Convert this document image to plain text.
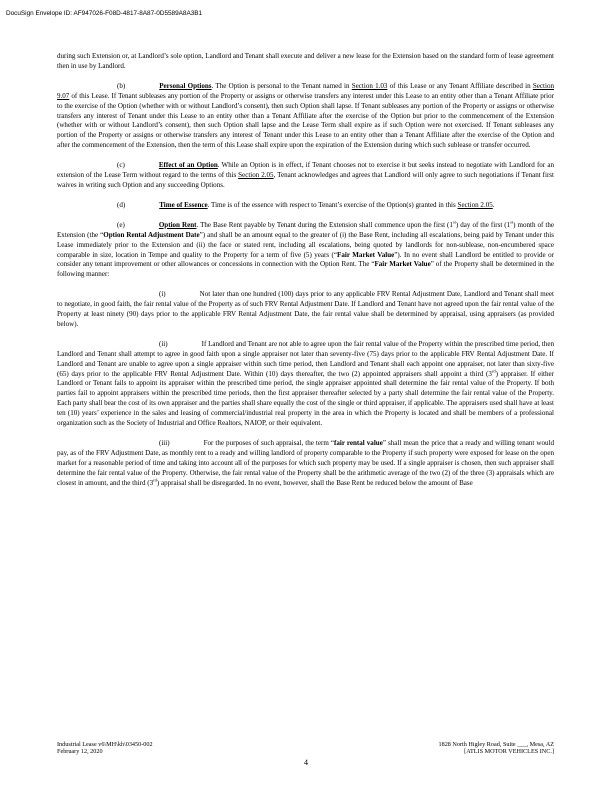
DocuSign Envelope ID: AF947026-F08D-4817-8A87-0D5589A8A3B1

during such Extension or, at Landlord’s sole option, Landlord and Tenant shall execute and deliver a new lease for the Extension based on the standard form of lease agreement then in use by Landlord.

(b)	Personal Options. The Option is personal to the Tenant named in Section 1.03 of this Lease or any Tenant Affiliate described in Section 9.07 of this Lease. If Tenant subleases any portion of the Property or assigns or otherwise transfers any interest under this Lease to an entity other than a Tenant Affiliate prior to the exercise of the Option (whether with or without Landlord’s consent), then such Option shall lapse. If Tenant subleases any portion of the Property or assigns or otherwise transfers any interest of Tenant under this Lease to an entity other than a Tenant Affiliate after the exercise of the Option but prior to the commencement of the Extension (whether with or without Landlord’s consent), then such Option shall lapse and the Lease Term shall expire as if such Option were not exercised. If Tenant subleases any portion of the Property or assigns or otherwise transfers any interest of Tenant under this Lease to an entity other than a Tenant Affiliate after the exercise of the Option and after the commencement of the Extension, then the term of this Lease shall expire upon the expiration of the Extension during which such sublease or transfer occurred.

(c)	Effect of an Option. While an Option is in effect, if Tenant chooses not to exercise it but seeks instead to negotiate with Landlord for an extension of the Lease Term without regard to the terms of this Section 2.05, Tenant acknowledges and agrees that Landlord will only agree to such negotiations if Tenant first waives in writing such Option and any succeeding Options.

(d)	Time of Essence. Time is of the essence with respect to Tenant’s exercise of the Option(s) granted in this Section 2.05.

(e)	Option Rent. The Base Rent payable by Tenant during the Extension shall commence upon the first (1st) day of the first (1st) month of the Extension (the “Option Rental Adjustment Date”) and shall be an amount equal to the greater of (i) the Base Rent, including all escalations, being paid by Tenant under this Lease immediately prior to the Extension and (ii) the face or stated rent, including all escalations, being quoted by landlords for non-sublease, non-encumbered space comparable in size, location in Tempe and quality to the Property for a term of five (5) years (“Fair Market Value”). In no event shall Landlord be entitled to provide or consider any tenant improvement or other allowances or concessions in connection with the Option Rent. The “Fair Market Value” of the Property shall be determined in the following manner:

(i)	Not later than one hundred (100) days prior to any applicable FRV Rental Adjustment Date, Landlord and Tenant shall meet to negotiate, in good faith, the fair rental value of the Property as of such FRV Rental Adjustment Date. If Landlord and Tenant have not agreed upon the fair rental value of the Property at least ninety (90) days prior to the applicable FRV Rental Adjustment Date, the fair rental value shall be determined by appraisal, using appraisers (as provided below).

(ii)	If Landlord and Tenant are not able to agree upon the fair rental value of the Property within the prescribed time period, then Landlord and Tenant shall attempt to agree in good faith upon a single appraiser not later than seventy-five (75) days prior to the applicable FRV Rental Adjustment Date. If Landlord and Tenant are unable to agree upon a single appraiser within such time period, then Landlord and Tenant shall each appoint one appraiser, not later than sixty-five (65) days prior to the applicable FRV Rental Adjustment Date. Within (10) days thereafter, the two (2) appointed appraisers shall appoint a third (3rd) appraiser. If either Landlord or Tenant fails to appoint its appraiser within the prescribed time period, the single appraiser appointed shall determine the fair rental value of the Property. If both parties fail to appoint appraisers within the prescribed time periods, then the first appraiser thereafter selected by a party shall determine the fair rental value of the Property. Each party shall bear the cost of its own appraiser and the parties shall share equally the cost of the single or third appraiser, if applicable. The appraisers used shall have at least ten (10) years’ experience in the sales and leasing of commercial/industrial real property in the area in which the Property is located and shall be members of a professional organization such as the Society of Industrial and Office Realtors, NAIOP, or their equivalent.

(iii)	For the purposes of such appraisal, the term “fair rental value” shall mean the price that a ready and willing tenant would pay, as of the FRV Adjustment Date, as monthly rent to a ready and willing landlord of property comparable to the Property if such property were exposed for lease on the open market for a reasonable period of time and taking into account all of the purposes for which such property may be used. If a single appraiser is chosen, then such appraiser shall determine the fair rental value of the Property. Otherwise, the fair rental value of the Property shall be the arithmetic average of the two (2) of the three (3) appraisals which are closest in amount, and the third (3rd) appraisal shall be disregarded. In no event, however, shall the Base Rent be reduced below the amount of Base

Industrial Lease v6\MH\kh\03450-002
February 12, 2020
1828 North Higley Road, Suite ___, Mesa, AZ
[ATLIS MOTOR VEHICLES INC.]
4
